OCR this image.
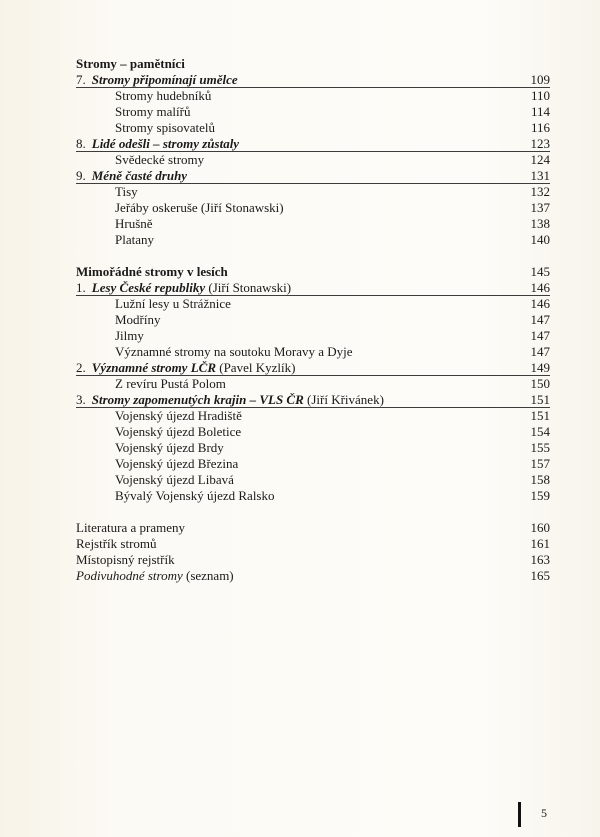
Stromy – pamětníci
7. Stromy připomínají umělce	109
Stromy hudebníků	110
Stromy malířů	114
Stromy spisovatelů	116
8. Lidé odešli – stromy zůstaly	123
Svědecké stromy	124
9. Méně časté druhy	131
Tisy	132
Jeřáby oskeruše (Jiří Stonawski)	137
Hrušně	138
Platany	140
Mimořádné stromy v lesích	145
1. Lesy České republiky (Jiří Stonawski)	146
Lužní lesy u Strážnice	146
Modříny	147
Jilmy	147
Významné stromy na soutoku Moravy a Dyje	147
2. Významné stromy LČR (Pavel Kyzlík)	149
Z revíru Pustá Polom	150
3. Stromy zapomenutých krajin – VLS ČR (Jiří Křivánek)	151
Vojenský újezd Hradiště	151
Vojenský újezd Boletice	154
Vojenský újezd Brdy	155
Vojenský újezd Březina	157
Vojenský újezd Libavá	158
Bývalý Vojenský újezd Ralsko	159
Literatura a prameny	160
Rejstřík stromů	161
Místopisný rejstřík	163
Podivuhodné stromy (seznam)	165
5
